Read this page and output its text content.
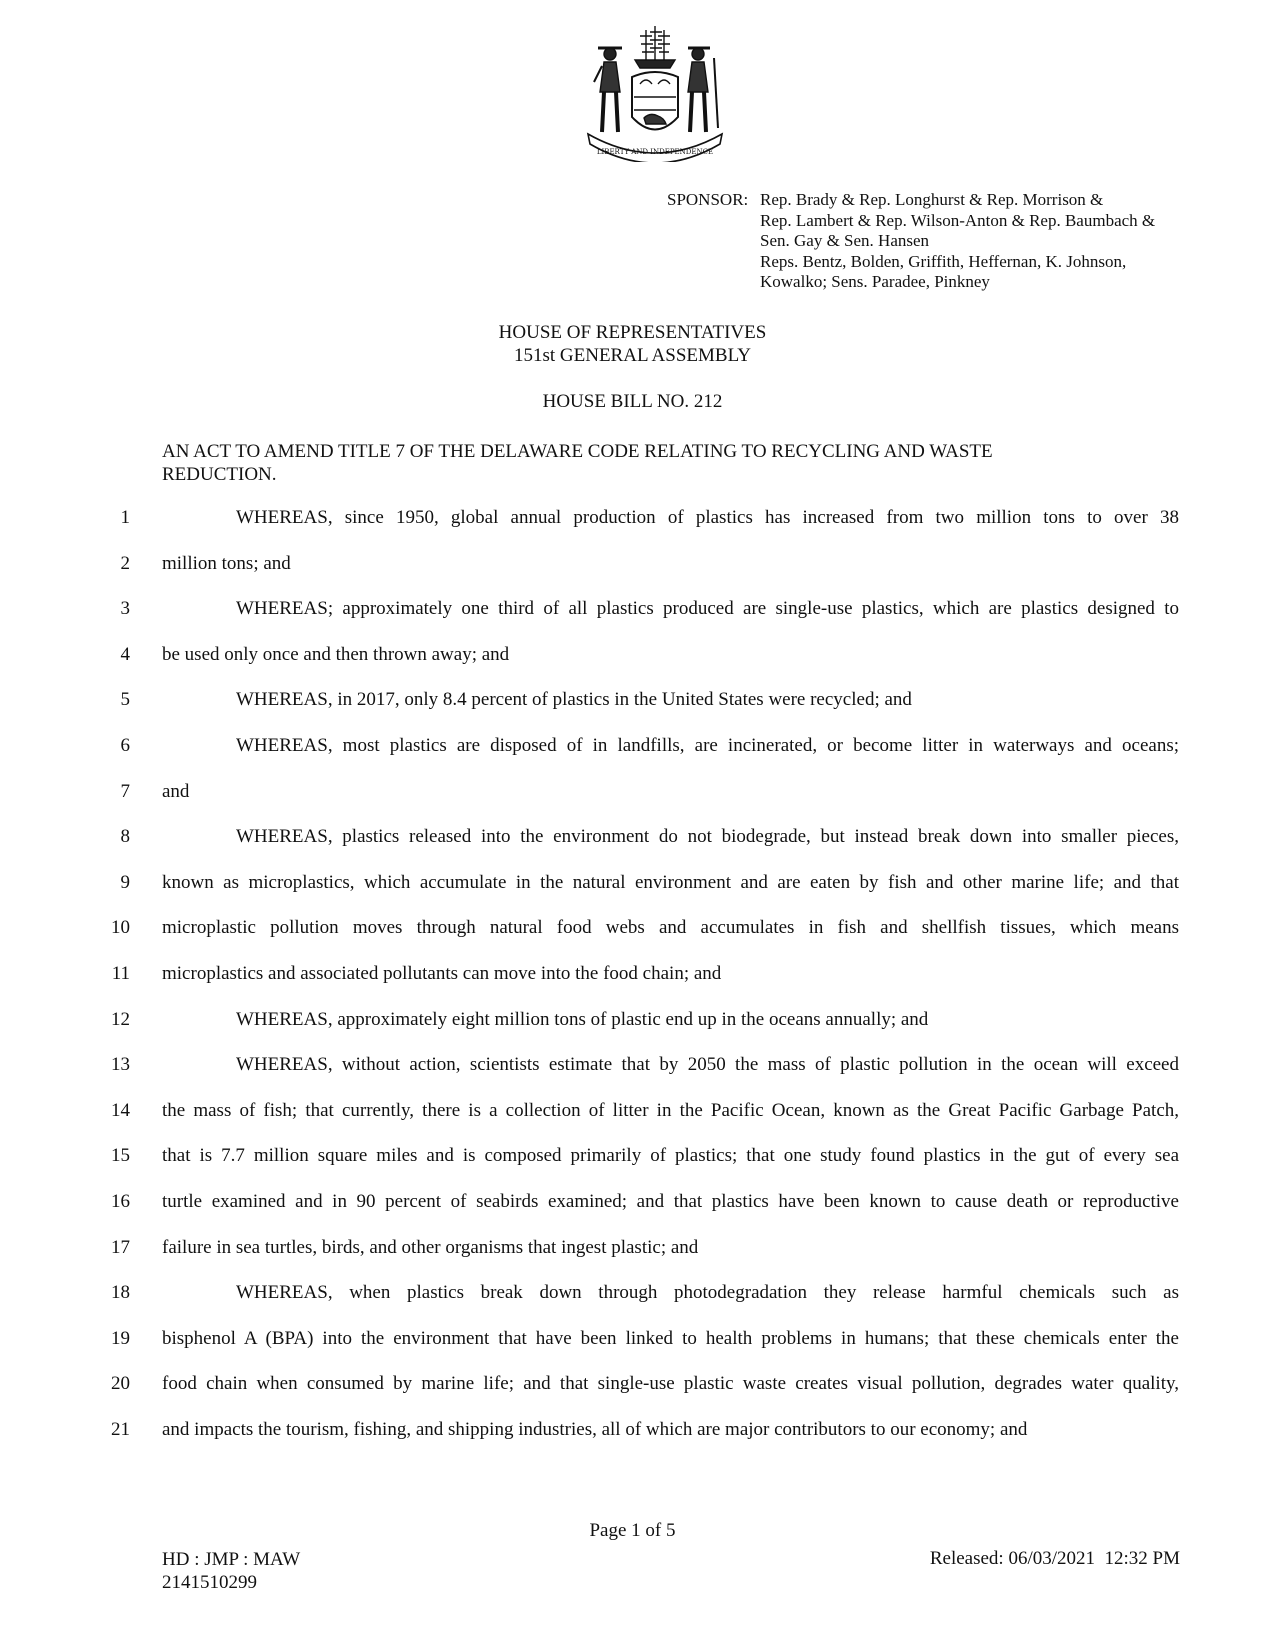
LIBERTY AND INDEPENDENCE
SPONSOR: Rep. Brady & Rep. Longhurst & Rep. Morrison &
Rep. Lambert & Rep. Wilson-Anton & Rep. Baumbach &
Sen. Gay & Sen. Hansen
Reps. Bentz, Bolden, Griffith, Heffernan, K. Johnson,
Kowalko; Sens. Paradee, Pinkney
HOUSE OF REPRESENTATIVES
151st GENERAL ASSEMBLY
HOUSE BILL NO. 212
AN ACT TO AMEND TITLE 7 OF THE DELAWARE CODE RELATING TO RECYCLING AND WASTE REDUCTION.
1	WHEREAS, since 1950, global annual production of plastics has increased from two million tons to over 38
2 million tons; and
3	WHEREAS; approximately one third of all plastics produced are single-use plastics, which are plastics designed to
4 be used only once and then thrown away; and
5	WHEREAS, in 2017, only 8.4 percent of plastics in the United States were recycled; and
6	WHEREAS, most plastics are disposed of in landfills, are incinerated, or become litter in waterways and oceans;
7 and
8	WHEREAS, plastics released into the environment do not biodegrade, but instead break down into smaller pieces,
9 known as microplastics, which accumulate in the natural environment and are eaten by fish and other marine life; and that
10 microplastic pollution moves through natural food webs and accumulates in fish and shellfish tissues, which means
11 microplastics and associated pollutants can move into the food chain; and
12	WHEREAS, approximately eight million tons of plastic end up in the oceans annually; and
13	WHEREAS, without action, scientists estimate that by 2050 the mass of plastic pollution in the ocean will exceed
14 the mass of fish; that currently, there is a collection of litter in the Pacific Ocean, known as the Great Pacific Garbage Patch,
15 that is 7.7 million square miles and is composed primarily of plastics; that one study found plastics in the gut of every sea
16 turtle examined and in 90 percent of seabirds examined; and that plastics have been known to cause death or reproductive
17 failure in sea turtles, birds, and other organisms that ingest plastic; and
18	WHEREAS, when plastics break down through photodegradation they release harmful chemicals such as
19 bisphenol A (BPA) into the environment that have been linked to health problems in humans; that these chemicals enter the
20 food chain when consumed by marine life; and that single-use plastic waste creates visual pollution, degrades water quality,
21 and impacts the tourism, fishing, and shipping industries, all of which are major contributors to our economy; and
Page 1 of 5
HD : JMP : MAW
2141510299
Released: 06/03/2021  12:32 PM
